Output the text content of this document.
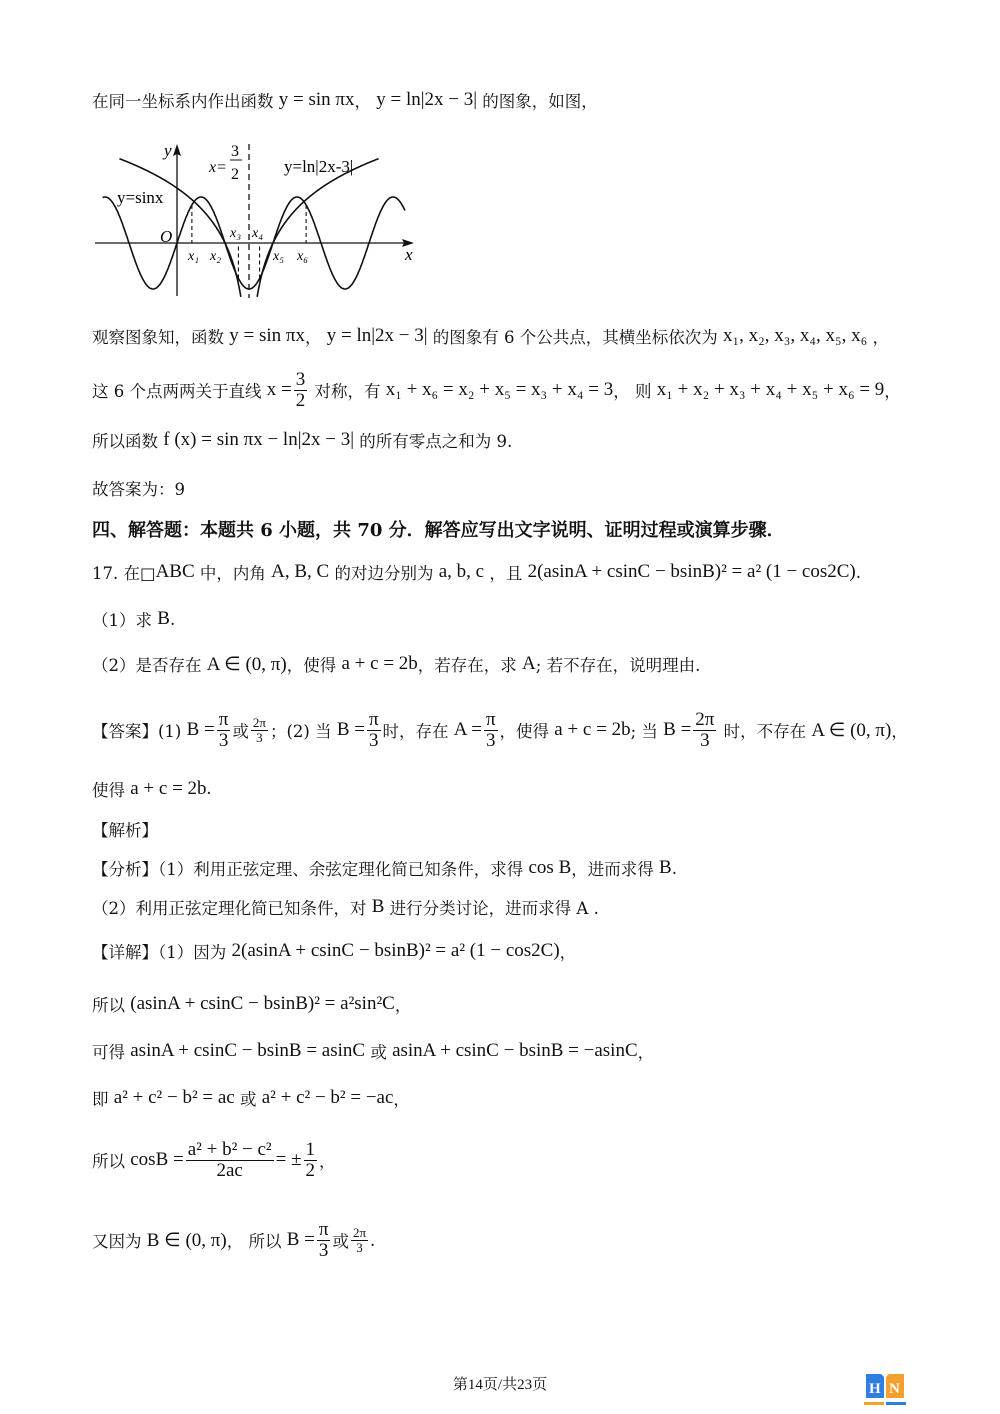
在同一坐标系内作出函数 y = sin πx ， y = ln|2x − 3| 的图象，如图，
观察图象知，函数 y = sin πx ， y = ln|2x − 3| 的图象有 6 个公共点，其横坐标依次为 x₁, x₂, x₃, x₄, x₅, x₆ ，
这 6 个点两两关于直线 $x = \frac{3}{2}$ 对称，有 x₁ + x₆ = x₂ + x₅ = x₃ + x₄ = 3 ， 则 x₁ + x₂ + x₃ + x₄ + x₅ + x₆ = 9 ，
所以函数 f (x) = sin πx − ln|2x − 3| 的所有零点之和为 9.
故答案为：9
四、解答题：本题共 6 小题，共 70 分．解答应写出文字说明、证明过程或演算步骤．
17. 在□ ABC 中，内角 A, B, C 的对边分别为 a, b, c ，且 2(asinA + csinC − bsinB)² = a² (1 − cos2C) .
（1）求 B .
（2）是否存在 A ∈ (0, π) ，使得 a + c = 2b ，若存在，求 A ; 若不存在，说明理由.
【答案】(1) $B = \frac{\pi}{3}$ 或 $\frac{2\pi}{3}$ ；(2) 当 $B = \frac{\pi}{3}$ 时，存在 $A = \frac{\pi}{3}$ ，使得 a + c = 2b ; 当 $B = \frac{2\pi}{3}$ 时，不存在 A ∈ (0, π) ，
使得 a + c = 2b.
【解析】
【分析】（1）利用正弦定理、余弦定理化简已知条件，求得 cos B ，进而求得 B .
（2）利用正弦定理化简已知条件，对 B 进行分类讨论，进而求得 A .
【详解】（1）因为 2(asinA + csinC − bsinB)² = a² (1 − cos2C) ，
所以 (asinA + csinC − bsinB)² = a²sin²C ，
可得 asinA + csinC − bsinB = asinC 或 asinA + csinC − bsinB = −asinC ，
即 a² + c² − b² = ac 或 a² + c² − b² = −ac ，
所以 $\cos B = \frac{\text{a² + b² − c²}}{2ac}$ = ± $\frac{1}{2}$ ，
又因为 B ∈ (0, π) ， 所以 $B = \frac{\pi}{3}$ 或 $\frac{2\pi}{3}$ .
y
x
O
x=
3
2	y=ln|2x-3|
y=sinx
x₁ x₂
x₃ x₄
x₅ x₆
第14页/共23页	H N
